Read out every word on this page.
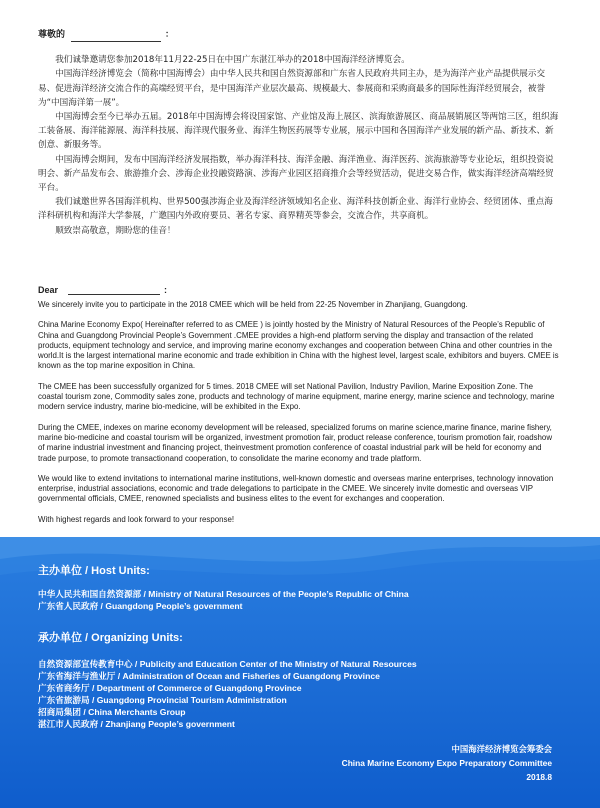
尊敬的	：

我们诚挚邀请您参加2018年11月22-25日在中国广东湛江举办的2018中国海洋经济博览会。

中国海洋经济博览会（简称中国海博会）由中华人民共和国自然资源部和广东省人民政府共同主办，是为海洋产业产品提供展示交易、促进海洋经济交流合作的高端经贸平台，是中国海洋产业层次最高、规模最大、参展商和采购商最多的国际性海洋经贸展会，被誉为“中国海洋第一展”。

中国海博会至今已举办五届。2018年中国海博会将设国家馆、产业馆及海上展区、滨海旅游展区、商品展销展区等两馆三区，组织海工装备展、海洋能源展、海洋科技展、海洋现代服务业、海洋生物医药展等专业展，展示中国和各国海洋产业发展的新产品、新技术、新创意、新服务等。

中国海博会期间，发布中国海洋经济发展指数，举办海洋科技、海洋金融、海洋渔业、海洋医药、滨海旅游等专业论坛，组织投资说明会、新产品发布会、旅游推介会、涉海企业投融资路演、涉海产业园区招商推介会等经贸活动，促进交易合作，做实海洋经济高端经贸平台。

我们诚邀世界各国海洋机构、世界500强涉海企业及海洋经济领域知名企业、海洋科技创新企业、海洋行业协会、经贸团体、重点海洋科研机构和海洋大学参展，广邀国内外政府要员、著名专家、商界精英等参会，交流合作，共享商机。

顺致崇高敬意，期盼您的佳音！

Dear	:

We sincerely invite you to participate in the 2018 CMEE which will be held from 22-25 November in Zhanjiang, Guangdong.

China Marine Economy Expo( Hereinafter referred to as CMEE ) is jointly hosted by the Ministry of Natural Resources of the People’s Republic of China and Guangdong Provincial People’s Government .CMEE provides a high-end platform serving the display and transaction of the related products, equipment technology and service, and improving marine economy exchanges and cooperation between China and other countries in the world.It is the largest international marine economic and trade exhibition in China with the highest level, largest scale, exhibitors and buyers. CMEE is known as the top marine exposition in China.

The CMEE has been successfully organized for 5 times. 2018 CMEE will set National Pavilion, Industry Pavilion, Marine Exposition Zone. The coastal tourism zone, Commodity sales zone, products and technology of marine equipment, marine energy, marine science and technology, marine modern service industry, marine bio-medicine, will be exhibited in the Expo.

During the CMEE, indexes on marine economy development will be released, specialized forums on marine science,marine finance, marine fishery, marine bio-medicine and coastal tourism will be organized, investment promotion fair, product release conference, tourism promotion fair, roadshow of marine industrial investment and financing project, theinvestment promotion conference of coastal industrial park will be held for economy and trade purpose, to promote transactionand cooperation, to consolidate the marine economy and trade platform.

We would like to extend invitations to international marine institutions, well-known domestic and overseas marine enterprises, technology innovation enterprise, industrial associations, economic and trade delegations to participate in the CMEE. We sincerely invite domestic and overseas VIP governmental officials, CMEE, renowned specialists and business elites to the event for exchanges and cooperation.

With highest regards and look forward to your response!

主办单位 / Host Units:
中华人民共和国自然资源部 / Ministry of Natural Resources of the People’s Republic of China
广东省人民政府 / Guangdong People’s government
承办单位 / Organizing Units:
自然资源部宣传教育中心 / Publicity and Education Center of the Ministry of Natural Resources
广东省海洋与渔业厅 / Administration of Ocean and Fisheries of Guangdong Province
广东省商务厅 / Department of Commerce of Guangdong Province
广东省旅游局 / Guangdong Provincial Tourism Administration
招商局集团 / China Merchants Group
湛江市人民政府 / Zhanjiang People’s government
中国海洋经济博览会筹委会
China Marine Economy Expo Preparatory Committee
2018.8
